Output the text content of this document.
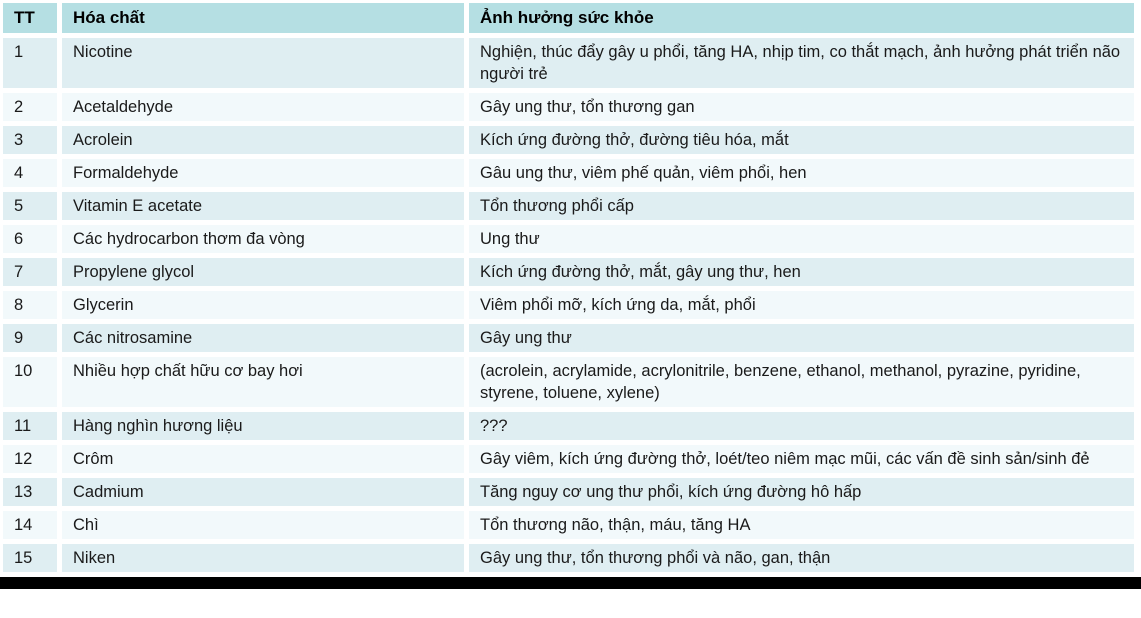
TT	Hóa chất	Ảnh hưởng sức khỏe
1	Nicotine	Nghiện, thúc đẩy gây u phổi, tăng HA, nhịp tim, co thắt mạch, ảnh hưởng phát triển não người trẻ
2	Acetaldehyde	Gây ung thư, tổn thương gan
3	Acrolein	Kích ứng đường thở, đường tiêu hóa, mắt
4	Formaldehyde	Gâu ung thư, viêm phế quản, viêm phổi, hen
5	Vitamin E acetate	Tổn thương phổi cấp
6	Các hydrocarbon thơm đa vòng	Ung thư
7	Propylene glycol	Kích ứng đường thở, mắt, gây ung thư, hen
8	Glycerin	Viêm phổi mỡ, kích ứng da, mắt, phổi
9	Các nitrosamine	Gây ung thư
10	Nhiều hợp chất hữu cơ bay hơi	(acrolein, acrylamide, acrylonitrile, benzene, ethanol, methanol, pyrazine, pyridine, styrene, toluene, xylene)
11	Hàng nghìn hương liệu	???
12	Crôm	Gây viêm, kích ứng đường thở, loét/teo niêm mạc mũi, các vấn đề sinh sản/sinh đẻ
13	Cadmium	Tăng nguy cơ ung thư phổi, kích ứng đường hô hấp
14	Chì	Tổn thương não, thận, máu, tăng HA
15	Niken	Gây ung thư, tổn thương phổi và não, gan, thận
